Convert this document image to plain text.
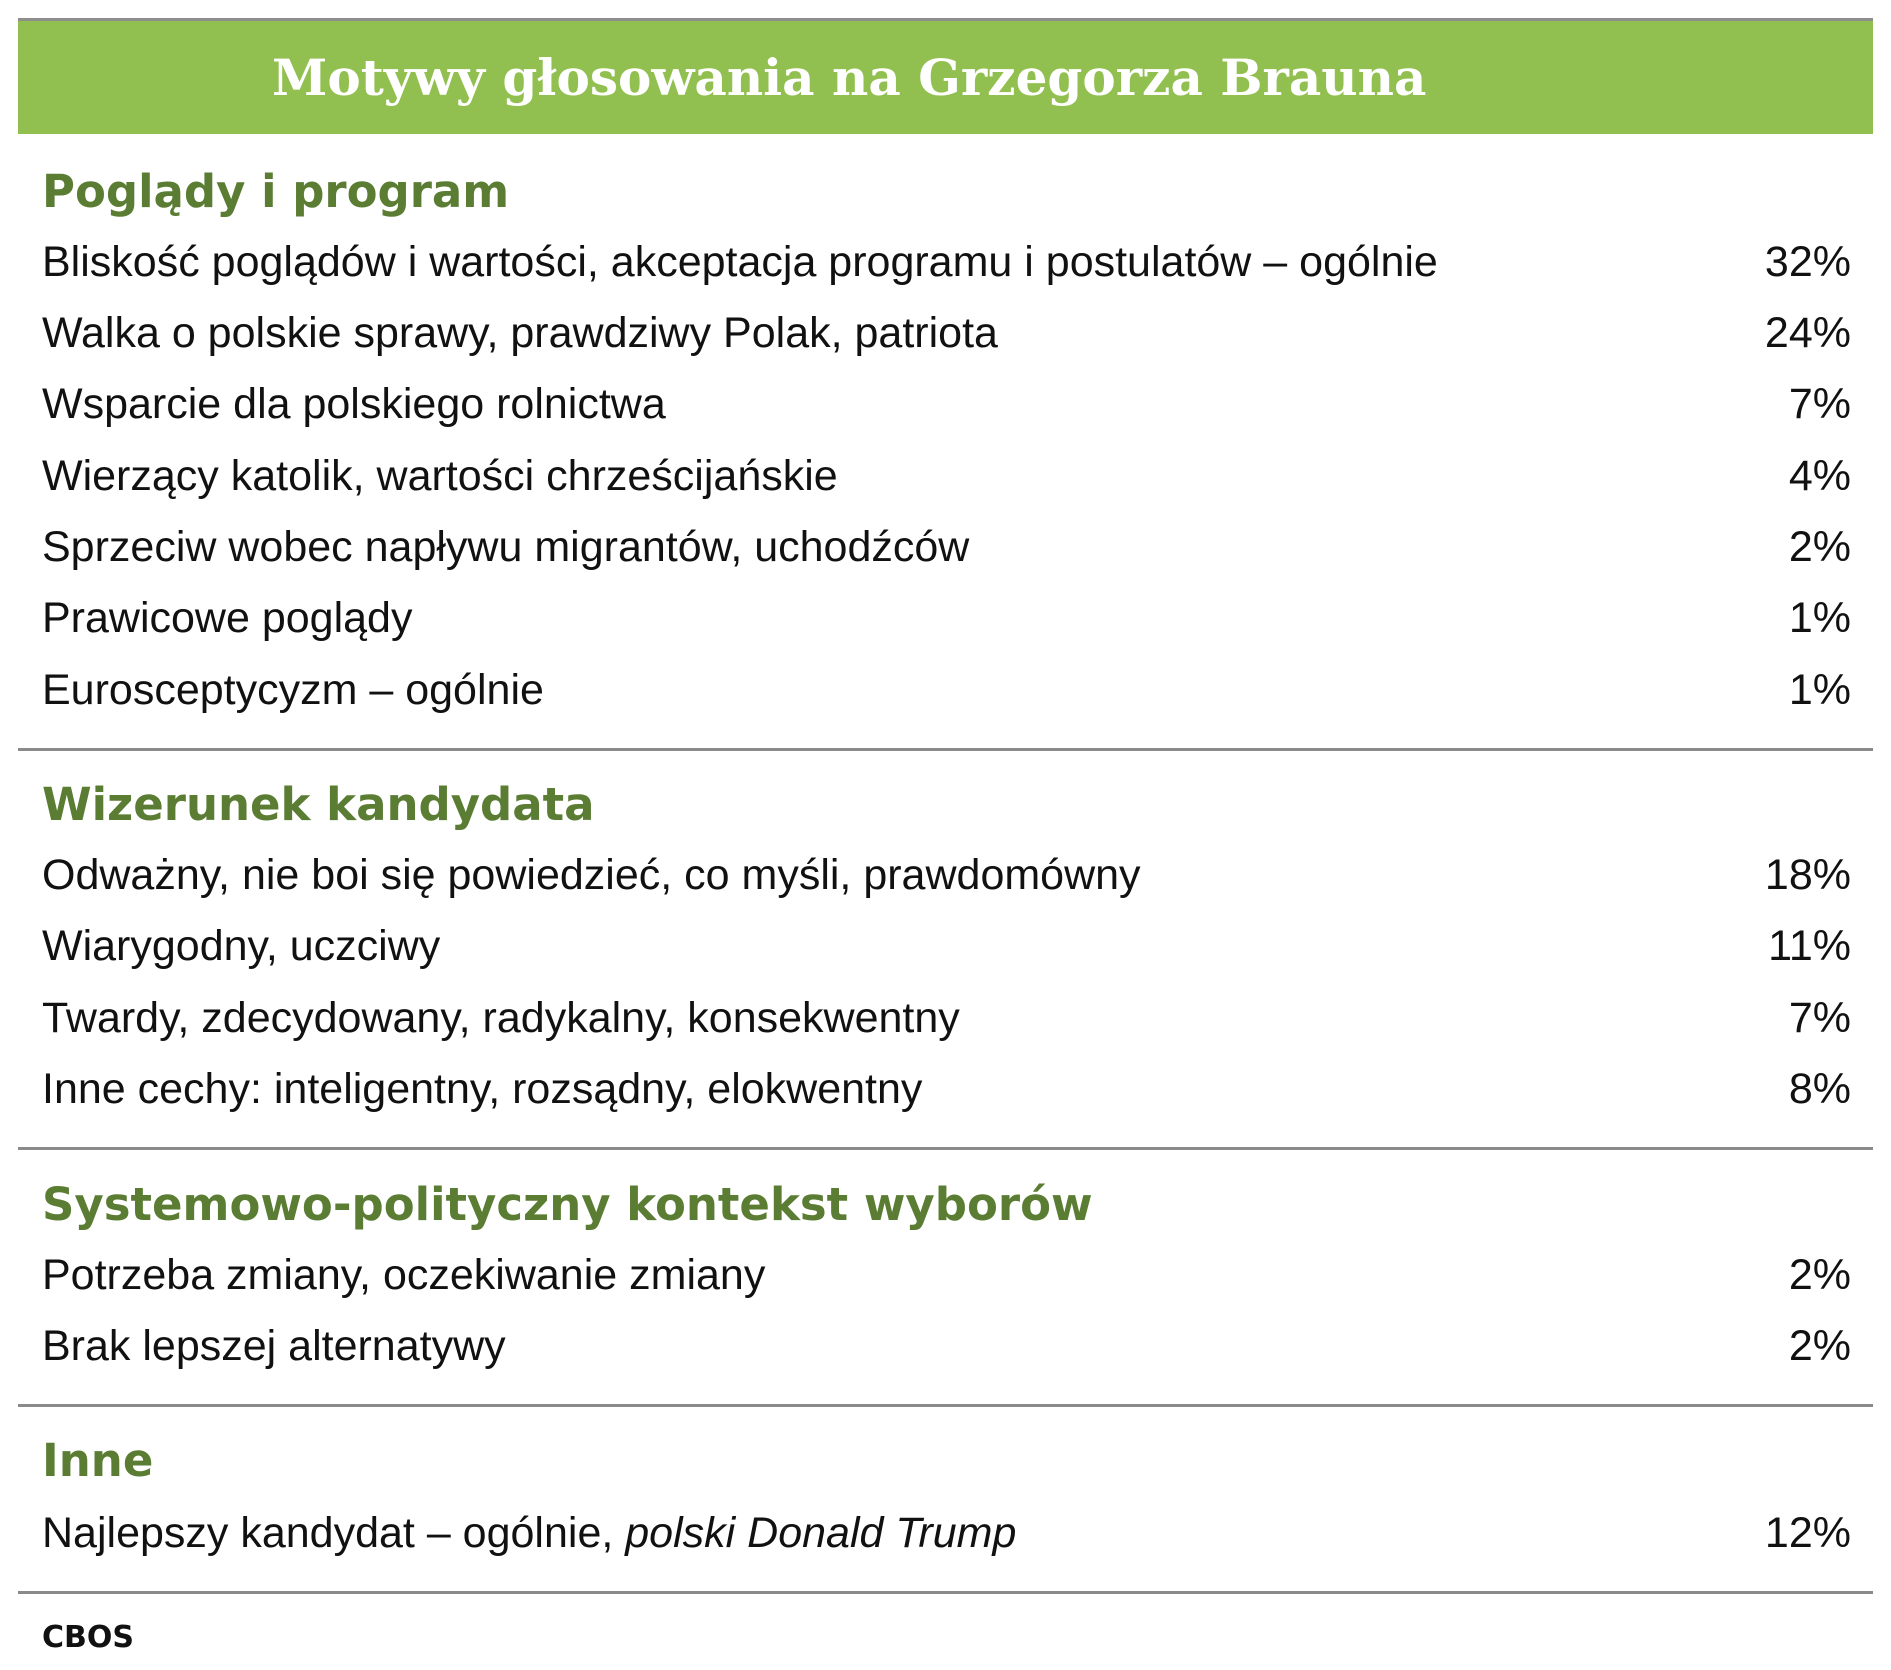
Motywy głosowania na Grzegorza Brauna
Poglądy i program
Bliskość poglądów i wartości, akceptacja programu i postulatów – ogólnie	32%
Walka o polskie sprawy, prawdziwy Polak, patriota	24%
Wsparcie dla polskiego rolnictwa	7%
Wierzący katolik, wartości chrześcijańskie	4%
Sprzeciw wobec napływu migrantów, uchodźców	2%
Prawicowe poglądy	1%
Eurosceptycyzm – ogólnie	1%
Wizerunek kandydata
Odważny, nie boi się powiedzieć, co myśli, prawdomówny	18%
Wiarygodny, uczciwy	11%
Twardy, zdecydowany, radykalny, konsekwentny	7%
Inne cechy: inteligentny, rozsądny, elokwentny	8%
Systemowo-polityczny kontekst wyborów
Potrzeba zmiany, oczekiwanie zmiany	2%
Brak lepszej alternatywy	2%
Inne
Najlepszy kandydat – ogólnie, polski Donald Trump	12%
CBOS
